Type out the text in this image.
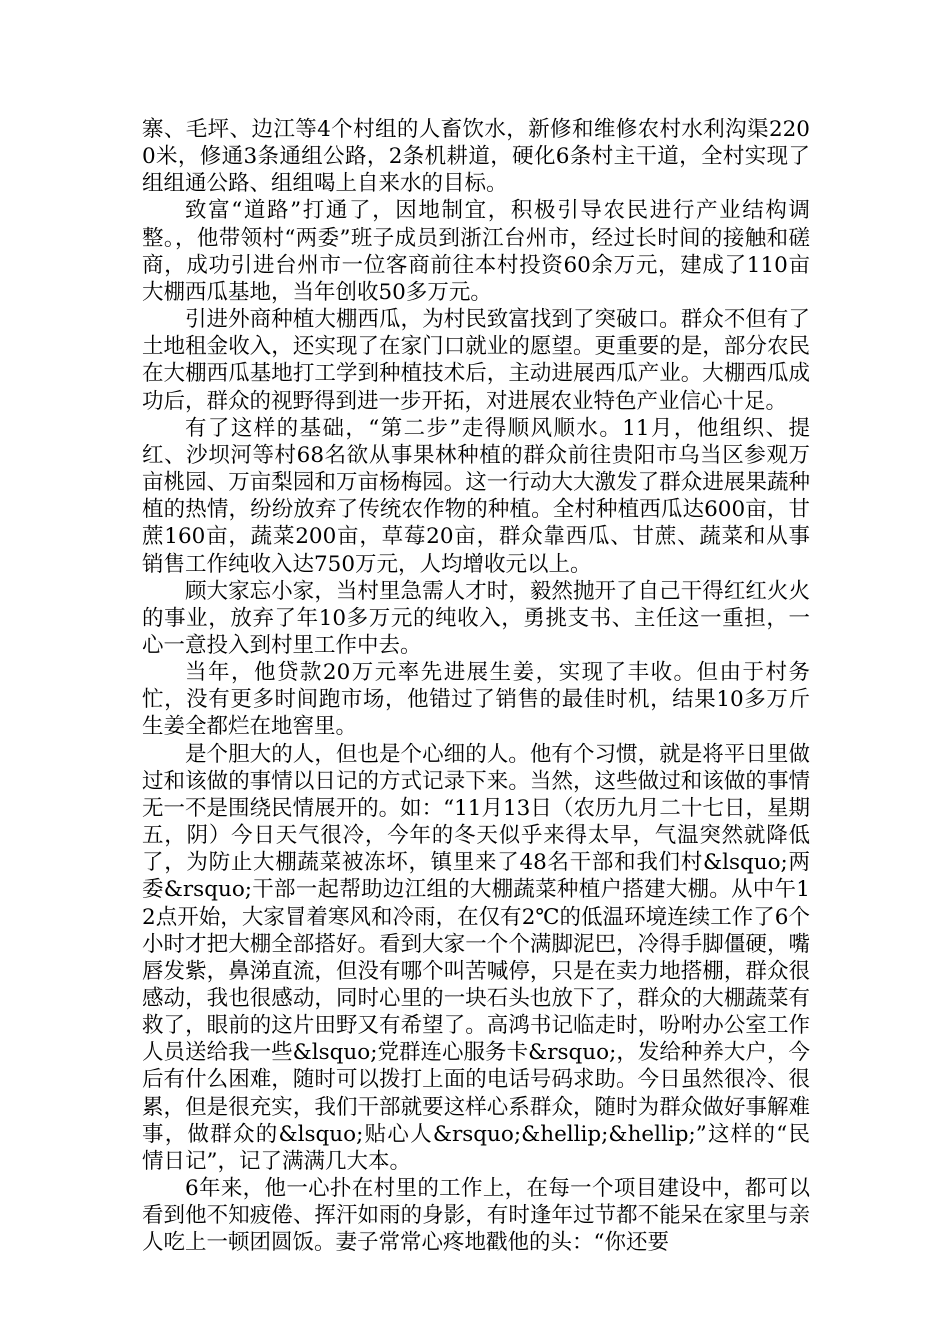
寨、毛坪、边江等4个村组的人畜饮水，新修和维修农村水利沟渠2200米，修通3条通组公路，2条机耕道，硬化6条村主干道，全村实现了组组通公路、组组喝上自来水的目标。

致富“道路”打通了，因地制宜，积极引导农民进行产业结构调整。，他带领村“两委”班子成员到浙江台州市，经过长时间的接触和磋商，成功引进台州市一位客商前往本村投资60余万元，建成了110亩大棚西瓜基地，当年创收50多万元。

引进外商种植大棚西瓜，为村民致富找到了突破口。群众不但有了土地租金收入，还实现了在家门口就业的愿望。更重要的是，部分农民在大棚西瓜基地打工学到种植技术后，主动进展西瓜产业。大棚西瓜成功后，群众的视野得到进一步开拓，对进展农业特色产业信心十足。

有了这样的基础，“第二步”走得顺风顺水。11月，他组织、提红、沙坝河等村68名欲从事果林种植的群众前往贵阳市乌当区参观万亩桃园、万亩梨园和万亩杨梅园。这一行动大大激发了群众进展果蔬种植的热情，纷纷放弃了传统农作物的种植。全村种植西瓜达600亩，甘蔗160亩，蔬菜200亩，草莓20亩，群众靠西瓜、甘蔗、蔬菜和从事销售工作纯收入达750万元，人均增收元以上。

顾大家忘小家，当村里急需人才时，毅然抛开了自己干得红红火火的事业，放弃了年10多万元的纯收入，勇挑支书、主任这一重担，一心一意投入到村里工作中去。

当年，他贷款20万元率先进展生姜，实现了丰收。但由于村务忙，没有更多时间跑市场，他错过了销售的最佳时机，结果10多万斤生姜全都烂在地窖里。

是个胆大的人，但也是个心细的人。他有个习惯，就是将平日里做过和该做的事情以日记的方式记录下来。当然，这些做过和该做的事情无一不是围绕民情展开的。如：“11月13日（农历九月二十七日，星期五，阴）今日天气很冷，今年的冬天似乎来得太早，气温突然就降低了，为防止大棚蔬菜被冻坏，镇里来了48名干部和我们村&lsquo;两委&rsquo;干部一起帮助边江组的大棚蔬菜种植户搭建大棚。从中午12点开始，大家冒着寒风和冷雨，在仅有2℃的低温环境连续工作了6个小时才把大棚全部搭好。看到大家一个个满脚泥巴，冷得手脚僵硬，嘴唇发紫，鼻涕直流，但没有哪个叫苦喊停，只是在卖力地搭棚，群众很感动，我也很感动，同时心里的一块石头也放下了，群众的大棚蔬菜有救了，眼前的这片田野又有希望了。高鸿书记临走时，吩咐办公室工作人员送给我一些&lsquo;党群连心服务卡&rsquo;，发给种养大户，今后有什么困难，随时可以拨打上面的电话号码求助。今日虽然很冷、很累，但是很充实，我们干部就要这样心系群众，随时为群众做好事解难事，做群众的&lsquo;贴心人&rsquo;&hellip;&hellip;”这样的“民情日记”，记了满满几大本。

6年来，他一心扑在村里的工作上，在每一个项目建设中，都可以看到他不知疲倦、挥汗如雨的身影，有时逢年过节都不能呆在家里与亲人吃上一顿团圆饭。妻子常常心疼地戳他的头：“你还要
